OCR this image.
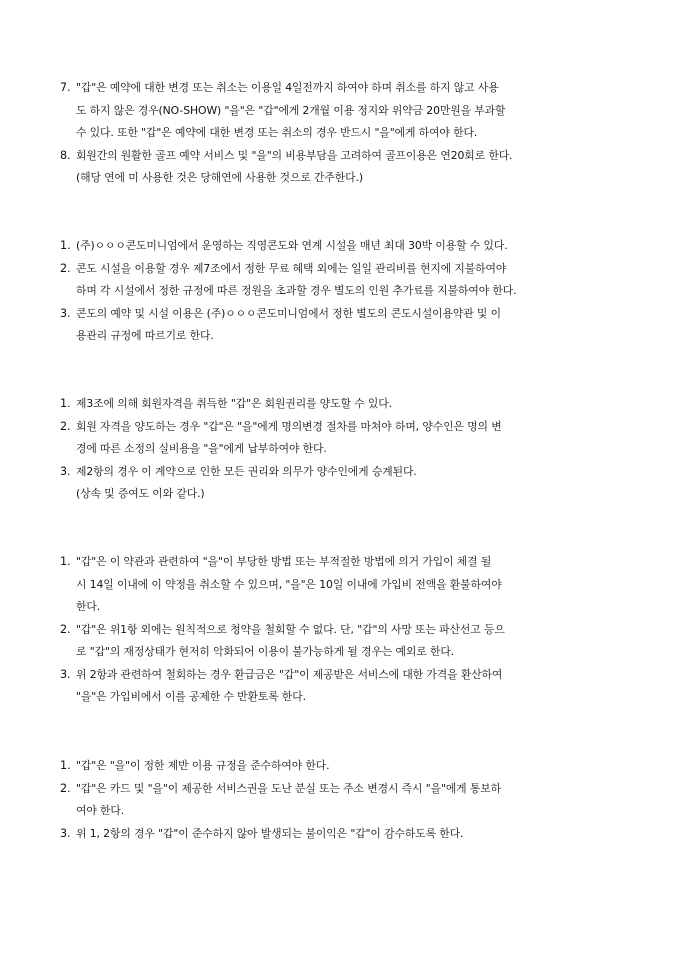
7. "갑"은 예약에 대한 변경 또는 취소는 이용일 4일전까지 하여야 하며 취소를 하지 않고 사용
도 하지 않은 경우(NO-SHOW) "을"은 "갑"에게 2개월 이용 정지와 위약금 20만원을 부과할
수 있다. 또한 "갑"은 예약에 대한 변경 또는 취소의 경우 반드시 "을"에게 하여야 한다.
8. 회원간의 원활한 골프 예약 서비스 및 "을"의 비용부담을 고려하여 골프이용은 연20회로 한다.
(해당 연에 미 사용한 것은 당해연에 사용한 것으로 간주한다.)
1. (주)ㅇㅇㅇ콘도미니엄에서 운영하는 직영콘도와 연계 시설을 매년 최대 30박 이용할 수 있다.
2. 콘도 시설을 이용할 경우 제7조에서 정한 무료 혜택 외에는 일일 관리비를 현지에 지불하여야
하며 각 시설에서 정한 규정에 따른 정원을 초과할 경우 별도의 인원 추가료를 지불하여야 한다.
3. 콘도의 예약 및 시설 이용은 (주)ㅇㅇㅇ콘도미니엄에서 정한 별도의 콘도시설이용약관 및 이
용관리 규정에 따르기로 한다.
1. 제3조에 의해 회원자격을 취득한 "갑"은 회원권리를 양도할 수 있다.
2. 회원 자격을 양도하는 경우 "갑"은 "을"에게 명의변경 절차를 마쳐야 하며, 양수인은 명의 변
경에 따른 소정의 실비용을 "을"에게 납부하여야 한다.
3. 제2항의 경우 이 계약으로 인한 모든 권리와 의무가 양수인에게 승계된다.
(상속 및 증여도 이와 같다.)
1. "갑"은 이 약관과 관련하여 "을"이 부당한 방법 또는 부적절한 방법에 의거 가입이 체결 될
시 14일 이내에 이 약정을 취소할 수 있으며, "을"은 10일 이내에 가입비 전액을 환불하여야
한다.
2. "갑"은 위1항 외에는 원칙적으로 청약을 철회할 수 없다. 단, "갑"의 사망 또는 파산선고 등으
로 "갑"의 재정상태가 현저히 악화되어 이용이 불가능하게 될 경우는 예외로 한다.
3. 위 2항과 관련하여 철회하는 경우 환급금은 "갑"이 제공받은 서비스에 대한 가격을 환산하여
"을"은 가입비에서 이를 공제한 수 반환토록 한다.
1. "갑"은 "을"이 정한 제반 이용 규정을 준수하여야 한다.
2. "갑"은 카드 및 "을"이 제공한 서비스권을 도난 분실 또는 주소 변경시 즉시 "을"에게 통보하
여야 한다.
3. 위 1, 2항의 경우 "갑"이 준수하지 않아 발생되는 불이익은 "갑"이 감수하도록 한다.
